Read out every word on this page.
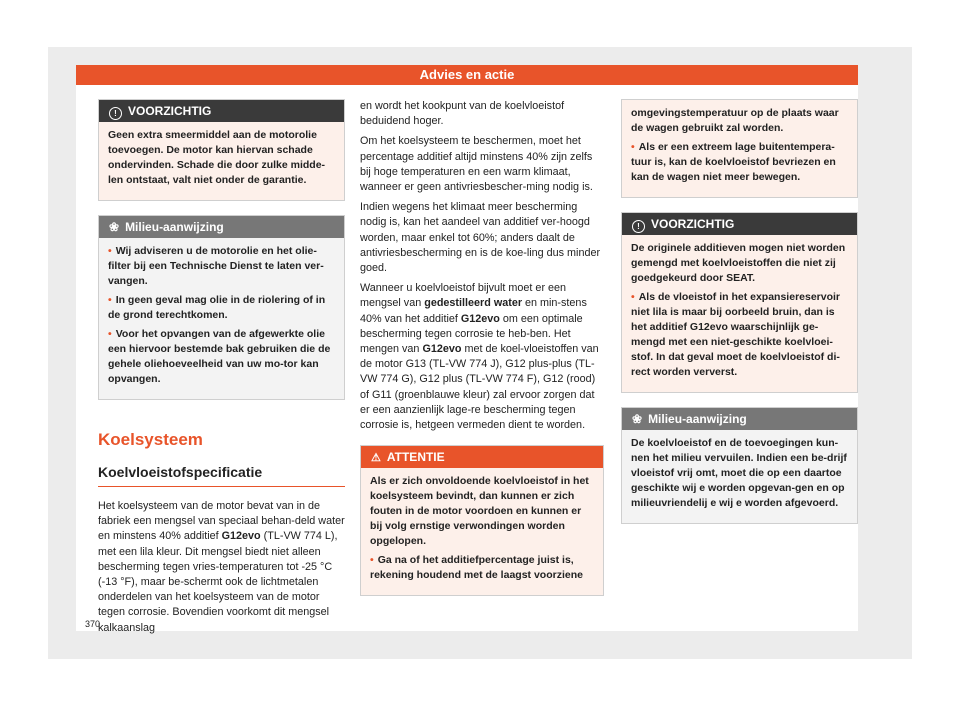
Advies en actie
! VOORZICHTIG

Geen extra smeermiddel aan de motorolie toevoegen. De motor kan hiervan schade ondervinden. Schade die door zulke midde-len ontstaat, valt niet onder de garantie.

❀ Milieu-aanwijzing

• Wij adviseren u de motorolie en het olie-filter bij een Technische Dienst te laten ver-vangen.

• In geen geval mag olie in de riolering of in de grond terechtkomen.

• Voor het opvangen van de afgewerkte olie een hiervoor bestemde bak gebruiken die de gehele oliehoeveelheid van uw mo-tor kan opvangen.

Koelsysteem
Koelvloeistofspecificatie

Het koelsysteem van de motor bevat van in de fabriek een mengsel van speciaal behan-deld water en minstens 40% additief G12evo (TL-VW 774 L), met een lila kleur. Dit mengsel biedt niet alleen bescherming tegen vries-temperaturen tot -25 °C (-13 °F), maar be-schermt ook de lichtmetalen onderdelen van het koelsysteem van de motor tegen corrosie. Bovendien voorkomt dit mengsel kalkaanslag

en wordt het kookpunt van de koelvloeistof beduidend hoger.

Om het koelsysteem te beschermen, moet het percentage additief altijd minstens 40% zijn zelfs bij hoge temperaturen en een warm klimaat, wanneer er geen antivriesbescher-ming nodig is.

Indien wegens het klimaat meer bescherming nodig is, kan het aandeel van additief ver-hoogd worden, maar enkel tot 60%; anders daalt de antivriesbescherming en is de koe-ling dus minder goed.

Wanneer u koelvloeistof bijvult moet er een mengsel van gedestilleerd water en min-stens 40% van het additief G12evo om een optimale bescherming tegen corrosie te heb-ben. Het mengen van G12evo met de koel-vloeistoffen van de motor G13 (TL-VW 774 J), G12 plus-plus (TL-VW 774 G), G12 plus (TL-VW 774 F), G12 (rood) of G11 (groenblauwe kleur) zal ervoor zorgen dat er een aanzienlijk lage-re bescherming tegen corrosie is, hetgeen vermeden dient te worden.

⚠ ATTENTIE

Als er zich onvoldoende koelvloeistof in het koelsysteem bevindt, dan kunnen er zich fouten in de motor voordoen en kunnen er bij volg ernstige verwondingen worden opgelopen.

• Ga na of het additiefpercentage juist is, rekening houdend met de laagst voorziene

omgevingstemperatuur op de plaats waar de wagen gebruikt zal worden.

• Als er een extreem lage buitentempera-tuur is, kan de koelvloeistof bevriezen en kan de wagen niet meer bewegen.

! VOORZICHTIG

De originele additieven mogen niet worden gemengd met koelvloeistoffen die niet zij goedgekeurd door SEAT.

• Als de vloeistof in het expansiereservoir niet lila is maar bij oorbeeld bruin, dan is het additief G12evo waarschijnlijk ge-mengd met een niet-geschikte koelvloei-stof. In dat geval moet de koelvloeistof di-rect worden ververst.

❀ Milieu-aanwijzing

De koelvloeistof en de toevoegingen kun-nen het milieu vervuilen. Indien een be-drijf vloeistof vrij omt, moet die op een daartoe geschikte wij e worden opgevan-gen en op milieuvriendelij e wij e worden afgevoerd.

370
